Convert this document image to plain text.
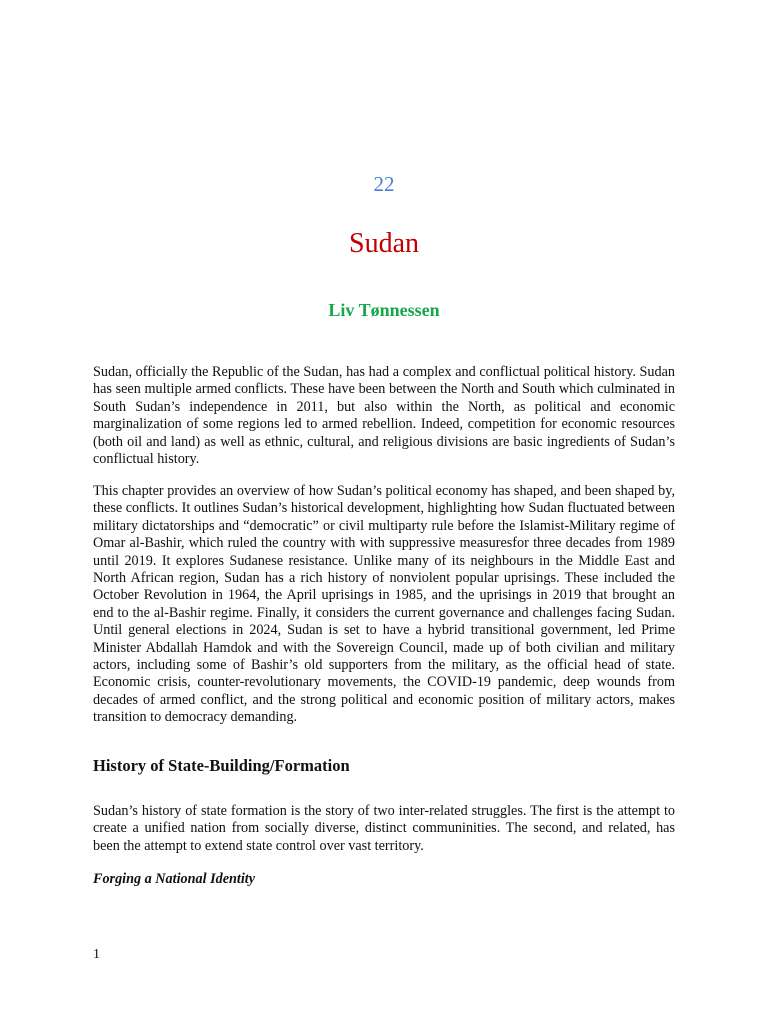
22
Sudan
Liv Tønnessen

Sudan, officially the Republic of the Sudan, has had a complex and conflictual political history. Sudan has seen multiple armed conflicts. These have been between the North and South which culminated in South Sudan’s independence in 2011, but also within the North, as political and economic marginalization of some regions led to armed rebellion. Indeed, competition for economic resources (both oil and land) as well as ethnic, cultural, and religious divisions are basic ingredients of Sudan’s conflictual history.

This chapter provides an overview of how Sudan’s political economy has shaped, and been shaped by, these conflicts. It outlines Sudan’s historical development, highlighting how Sudan fluctuated between military dictatorships and “democratic” or civil multiparty rule before the Islamist-Military regime of Omar al-Bashir, which ruled the country with with suppressive measuresfor three decades from 1989 until 2019. It explores Sudanese resistance. Unlike many of its neighbours in the Middle East and North African region, Sudan has a rich history of nonviolent popular uprisings. These included the October Revolution in 1964, the April uprisings in 1985, and the uprisings in 2019 that brought an end to the al-Bashir regime. Finally, it considers the current governance and challenges facing Sudan. Until general elections in 2024, Sudan is set to have a hybrid transitional government, led Prime Minister Abdallah Hamdok and with the Sovereign Council, made up of both civilian and military actors, including some of Bashir’s old supporters from the military, as the official head of state. Economic crisis, counter-revolutionary movements, the COVID-19 pandemic, deep wounds from decades of armed conflict, and the strong political and economic position of military actors, makes transition to democracy demanding.

History of State-Building/Formation

Sudan’s history of state formation is the story of two inter-related struggles. The first is the attempt to create a unified nation from socially diverse, distinct communinities. The second, and related, has been the attempt to extend state control over vast territory.

Forging a National Identity
1
